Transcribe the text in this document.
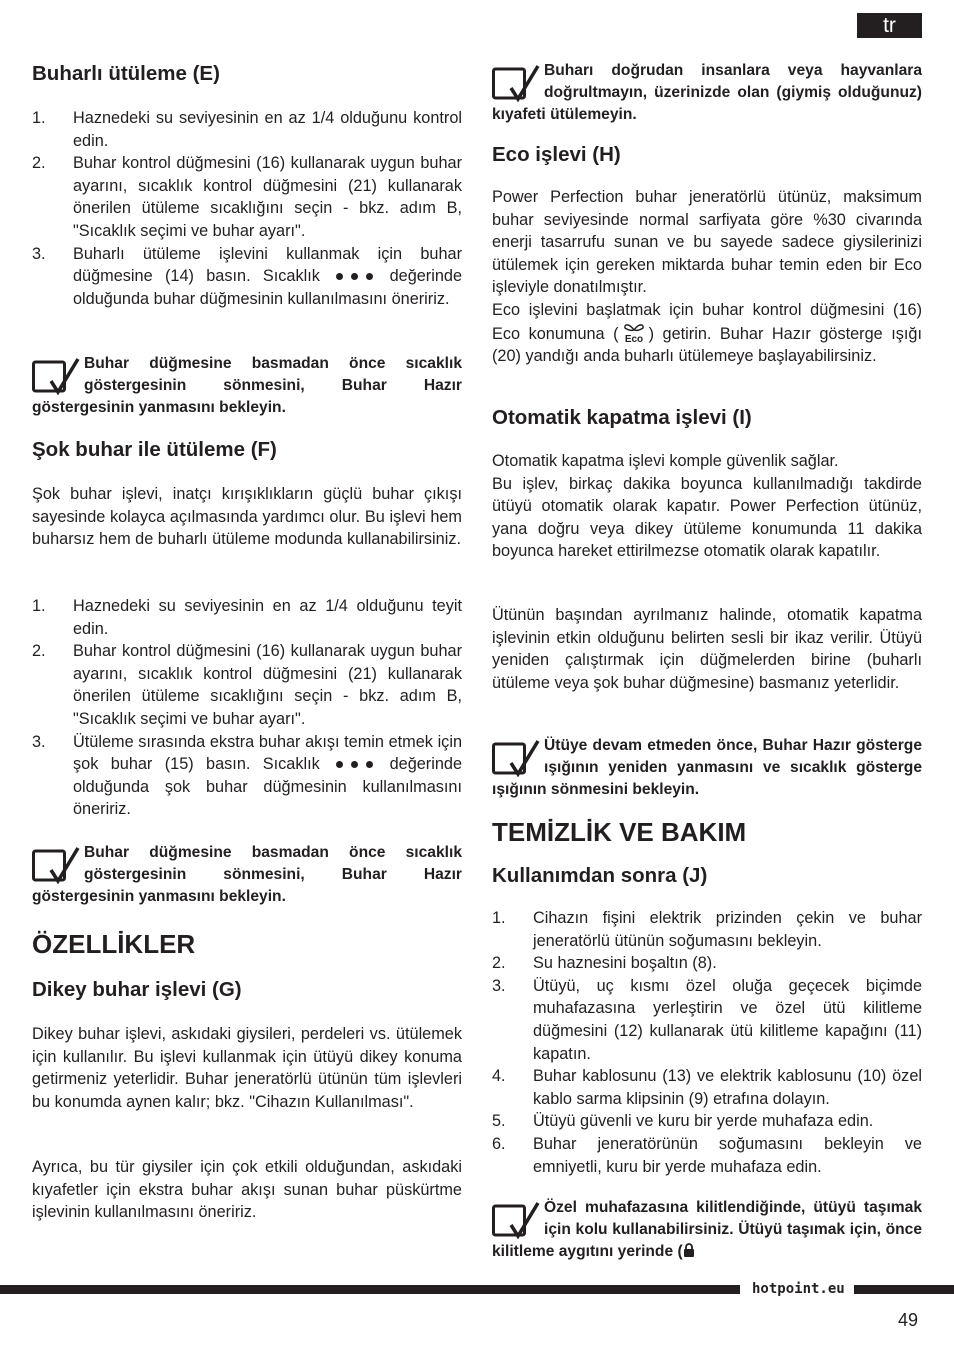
tr
Buharlı ütüleme (E)
1. Haznedeki su seviyesinin en az 1/4 olduğunu kontrol edin.
2. Buhar kontrol düğmesini (16) kullanarak uygun buhar ayarını, sıcaklık kontrol düğmesini (21) kullanarak önerilen ütüleme sıcaklığını seçin - bkz. adım B, "Sıcaklık seçimi ve buhar ayarı".
3. Buharlı ütüleme işlevini kullanmak için buhar düğmesine (14) basın. Sıcaklık	değerinde olduğunda buhar düğmesinin kullanılmasını öneririz.
Buhar düğmesine basmadan önce sıcaklık göstergesinin sönmesini, Buhar Hazır göstergesinin yanmasını bekleyin.
Şok buhar ile ütüleme (F)

Şok buhar işlevi, inatçı kırışıklıkların güçlü buhar çıkışı sayesinde kolayca açılmasında yardımcı olur. Bu işlevi hem buharsız hem de buharlı ütüleme modunda kullanabilirsiniz.

1. Haznedeki su seviyesinin en az 1/4 olduğunu teyit edin.
2. Buhar kontrol düğmesini (16) kullanarak uygun buhar ayarını, sıcaklık kontrol düğmesini (21) kullanarak önerilen ütüleme sıcaklığını seçin - bkz. adım B, "Sıcaklık seçimi ve buhar ayarı".
3. Ütüleme sırasında ekstra buhar akışı temin etmek için şok buhar (15) basın. Sıcaklık	değerinde olduğunda şok buhar düğmesinin kullanılmasını öneririz.
Buhar düğmesine basmadan önce sıcaklık göstergesinin sönmesini, Buhar Hazır göstergesinin yanmasını bekleyin.
ÖZELLİKLER
Dikey buhar işlevi (G)

Dikey buhar işlevi, askıdaki giysileri, perdeleri vs. ütülemek için kullanılır. Bu işlevi kullanmak için ütüyü dikey konuma getirmeniz yeterlidir. Buhar jeneratörlü ütünün tüm işlevleri bu konumda aynen kalır; bkz. "Cihazın Kullanılması".

Ayrıca, bu tür giysiler için çok etkili olduğundan, askıdaki kıyafetler için ekstra buhar akışı sunan buhar püskürtme işlevinin kullanılmasını öneririz.

Buharı doğrudan insanlara veya hayvanlara doğrultmayın, üzerinizde olan (giymiş olduğunuz) kıyafeti ütülemeyin.
Eco işlevi (H)

Power Perfection buhar jeneratörlü ütünüz, maksimum buhar seviyesinde normal sarfiyata göre %30 civarında enerji tasarrufu sunan ve bu sayede sadece giysilerinizi ütülemek için gereken miktarda buhar temin eden bir Eco işleviyle donatılmıştır.

Eco işlevini başlatmak için buhar kontrol düğmesini (16) Eco konumuna ( Eco ) getirin. Buhar Hazır gösterge ışığı (20) yandığı anda buharlı ütülemeye başlayabilirsiniz.

Otomatik kapatma işlevi (I)

Otomatik kapatma işlevi komple güvenlik sağlar.

Bu işlev, birkaç dakika boyunca kullanılmadığı takdirde ütüyü otomatik olarak kapatır. Power Perfection ütünüz, yana doğru veya dikey ütüleme konumunda 11 dakika boyunca hareket ettirilmezse otomatik olarak kapatılır.

Ütünün başından ayrılmanız halinde, otomatik kapatma işlevinin etkin olduğunu belirten sesli bir ikaz verilir. Ütüyü yeniden çalıştırmak için düğmelerden birine (buharlı ütüleme veya şok buhar düğmesine) basmanız yeterlidir.

Ütüye devam etmeden önce, Buhar Hazır gösterge ışığının yeniden yanmasını ve sıcaklık gösterge ışığının sönmesini bekleyin.
TEMİZLİK VE BAKIM
Kullanımdan sonra (J)
1. Cihazın fişini elektrik prizinden çekin ve buhar jeneratörlü ütünün soğumasını bekleyin.
2. Su haznesini boşaltın (8).
3. Ütüyü, uç kısmı özel oluğa geçecek biçimde muhafazasına yerleştirin ve özel ütü kilitleme düğmesini (12) kullanarak ütü kilitleme kapağını (11) kapatın.
4. Buhar kablosunu (13) ve elektrik kablosunu (10) özel kablo sarma klipsinin (9) etrafına dolayın.
5. Ütüyü güvenli ve kuru bir yerde muhafaza edin.
6. Buhar jeneratörünün soğumasını bekleyin ve emniyetli, kuru bir yerde muhafaza edin.
Özel muhafazasına kilitlendiğinde, ütüyü taşımak için kolu kullanabilirsiniz. Ütüyü taşımak için, önce kilitleme aygıtını yerinde (
hotpoint.eu
49
